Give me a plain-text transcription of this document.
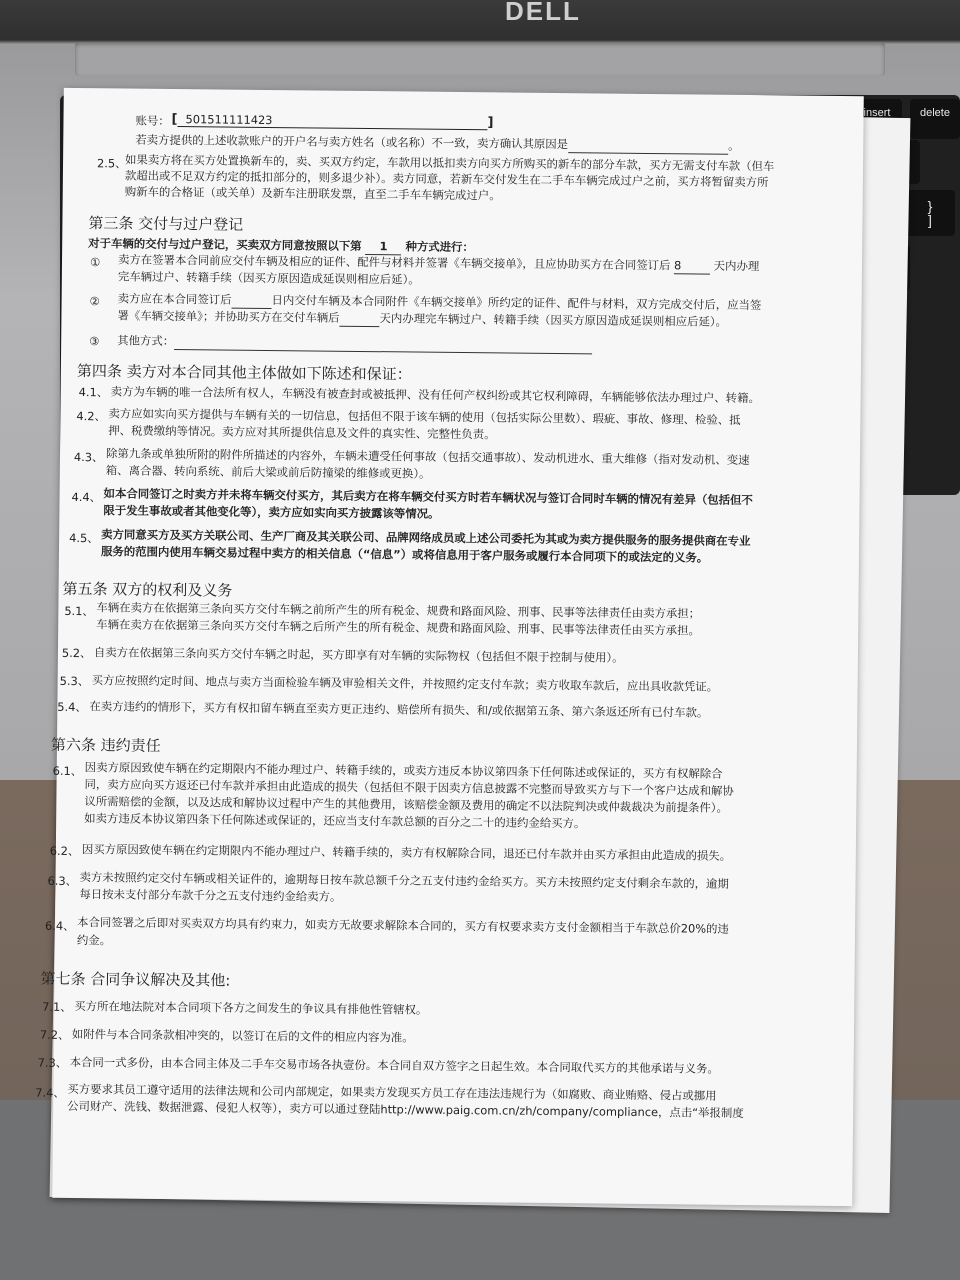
DELL
insert	delete
}
]
账号： [ 501511111423	]
若卖方提供的上述收款账户的开户名与卖方姓名（或名称）不一致，卖方确认其原因是	。
2.5、
如果卖方将在买方处置换新车的，卖、买双方约定，车款用以抵扣卖方向买方所购买的新车的部分车款，买方无需支付车款（但车
款超出或不足双方约定的抵扣部分的，则多退少补）。卖方同意，若新车交付发生在二手车车辆完成过户之前，买方将暂留卖方所
购新车的合格证（或关单）及新车注册联发票，直至二手车车辆完成过户。
第三条 交付与过户登记
对于车辆的交付与过户登记，买卖双方同意按照以下第 1 种方式进行：
① 卖方在签署本合同前应交付车辆及相应的证件、配件与材料并签署《车辆交接单》，且应协助买方在合同签订后 8	天内办理
完车辆过户、转籍手续（因买方原因造成延误则相应后延）。
② 卖方应在本合同签订后	日内交付车辆及本合同附件《车辆交接单》所约定的证件、配件与材料，双方完成交付后，应当签
署《车辆交接单》；并协助买方在交付车辆后	天内办理完车辆过户、转籍手续（因买方原因造成延误则相应后延）。
③ 其他方式：
第四条 卖方对本合同其他主体做如下陈述和保证：
4.1、 卖方为车辆的唯一合法所有权人，车辆没有被查封或被抵押、没有任何产权纠纷或其它权利障碍，车辆能够依法办理过户、转籍。
4.2、 卖方应如实向买方提供与车辆有关的一切信息，包括但不限于该车辆的使用（包括实际公里数）、瑕疵、事故、修理、检验、抵
押、税费缴纳等情况。卖方应对其所提供信息及文件的真实性、完整性负责。
4.3、 除第九条或单独所附的附件所描述的内容外，车辆未遭受任何事故（包括交通事故）、发动机进水、重大维修（指对发动机、变速
箱、离合器、转向系统、前后大梁或前后防撞梁的维修或更换）。
4.4、 如本合同签订之时卖方并未将车辆交付买方，其后卖方在将车辆交付买方时若车辆状况与签订合同时车辆的情况有差异（包括但不
限于发生事故或者其他变化等），卖方应如实向买方披露该等情况。
4.5、 卖方同意买方及买方关联公司、生产厂商及其关联公司、品牌网络成员或上述公司委托为其或为卖方提供服务的服务提供商在专业
服务的范围内使用车辆交易过程中卖方的相关信息（“信息”）或将信息用于客户服务或履行本合同项下的或法定的义务。
第五条 双方的权利及义务
5.1、 车辆在卖方在依据第三条向买方交付车辆之前所产生的所有税金、规费和路面风险、刑事、民事等法律责任由卖方承担；
车辆在卖方在依据第三条向买方交付车辆之后所产生的所有税金、规费和路面风险、刑事、民事等法律责任由买方承担。
5.2、 自卖方在依据第三条向买方交付车辆之时起，买方即享有对车辆的实际物权（包括但不限于控制与使用）。
5.3、 买方应按照约定时间、地点与卖方当面检验车辆及审验相关文件，并按照约定支付车款；卖方收取车款后，应出具收款凭证。
5.4、 在卖方违约的情形下，买方有权扣留车辆直至卖方更正违约、赔偿所有损失、和/或依据第五条、第六条返还所有已付车款。
第六条 违约责任
6.1、 因卖方原因致使车辆在约定期限内不能办理过户、转籍手续的，或卖方违反本协议第四条下任何陈述或保证的，买方有权解除合
同，卖方应向买方返还已付车款并承担由此造成的损失（包括但不限于因卖方信息披露不完整而导致买方与下一个客户达成和解协
议所需赔偿的金额，以及达成和解协议过程中产生的其他费用，该赔偿金额及费用的确定不以法院判决或仲裁裁决为前提条件）。
如卖方违反本协议第四条下任何陈述或保证的，还应当支付车款总额的百分之二十的违约金给买方。
6.2、 因买方原因致使车辆在约定期限内不能办理过户、转籍手续的，卖方有权解除合同，退还已付车款并由买方承担由此造成的损失。
6.3、 卖方未按照约定交付车辆或相关证件的，逾期每日按车款总额千分之五支付违约金给买方。买方未按照约定支付剩余车款的，逾期
每日按未支付部分车款千分之五支付违约金给卖方。
6.4、 本合同签署之后即对买卖双方均具有约束力，如卖方无故要求解除本合同的，买方有权要求卖方支付金额相当于车款总价20%的违
约金。
第七条 合同争议解决及其他:
7.1、 买方所在地法院对本合同项下各方之间发生的争议具有排他性管辖权。
7.2、 如附件与本合同条款相冲突的，以签订在后的文件的相应内容为准。
7.3、 本合同一式多份，由本合同主体及二手车交易市场各执壹份。本合同自双方签字之日起生效。本合同取代买方的其他承诺与义务。
7.4、 买方要求其员工遵守适用的法律法规和公司内部规定，如果卖方发现买方员工存在违法违规行为（如腐败、商业贿赂、侵占或挪用
公司财产、洗钱、数据泄露、侵犯人权等），卖方可以通过登陆http://www.paig.com.cn/zh/company/compliance，点击“举报制度
